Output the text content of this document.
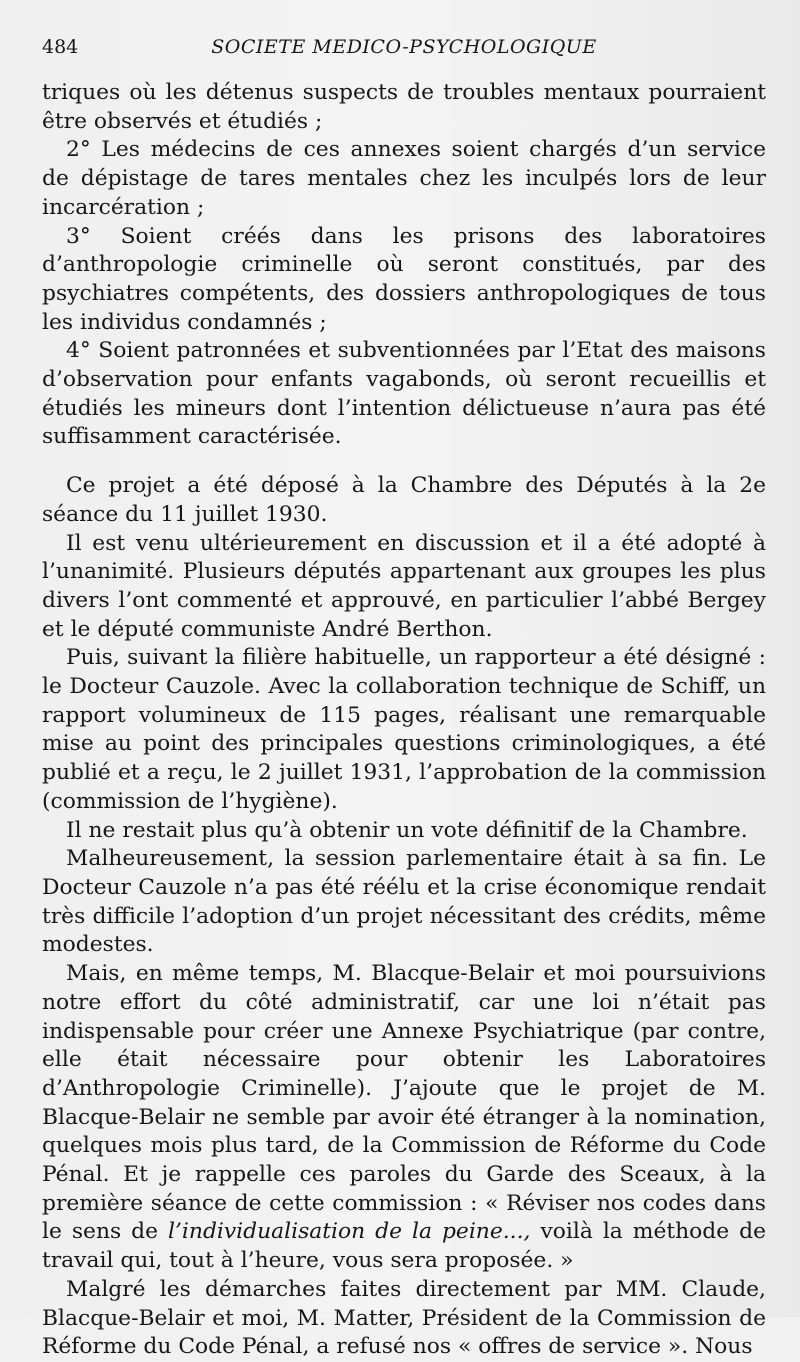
484	SOCIETE MEDICO-PSYCHOLOGIQUE

triques où les détenus suspects de troubles mentaux pourraient être observés et étudiés ;

2° Les médecins de ces annexes soient chargés d’un service de dépistage de tares mentales chez les inculpés lors de leur incarcération ;

3° Soient créés dans les prisons des laboratoires d’anthropologie criminelle où seront constitués, par des psychiatres compétents, des dossiers anthropologiques de tous les individus condamnés ;

4° Soient patronnées et subventionnées par l’Etat des maisons d’observation pour enfants vagabonds, où seront recueillis et étudiés les mineurs dont l’intention délictueuse n’aura pas été suffisamment caractérisée.

Ce projet a été déposé à la Chambre des Députés à la 2e séance du 11 juillet 1930.

Il est venu ultérieurement en discussion et il a été adopté à l’unanimité. Plusieurs députés appartenant aux groupes les plus divers l’ont commenté et approuvé, en particulier l’abbé Bergey et le député communiste André Berthon.

Puis, suivant la filière habituelle, un rapporteur a été désigné : le Docteur Cauzole. Avec la collaboration technique de Schiff, un rapport volumineux de 115 pages, réalisant une remarquable mise au point des principales questions criminologiques, a été publié et a reçu, le 2 juillet 1931, l’approbation de la commission (commission de l’hygiène).

Il ne restait plus qu’à obtenir un vote définitif de la Chambre.

Malheureusement, la session parlementaire était à sa fin. Le Docteur Cauzole n’a pas été réélu et la crise économique rendait très difficile l’adoption d’un projet nécessitant des crédits, même modestes.

Mais, en même temps, M. Blacque-Belair et moi poursuivions notre effort du côté administratif, car une loi n’était pas indispensable pour créer une Annexe Psychiatrique (par contre, elle était nécessaire pour obtenir les Laboratoires d’Anthropologie Criminelle). J’ajoute que le projet de M. Blacque-Belair ne semble par avoir été étranger à la nomination, quelques mois plus tard, de la Commission de Réforme du Code Pénal. Et je rappelle ces paroles du Garde des Sceaux, à la première séance de cette commission : « Réviser nos codes dans le sens de l’individualisation de la peine..., voilà la méthode de travail qui, tout à l’heure, vous sera proposée. »

Malgré les démarches faites directement par MM. Claude, Blacque-Belair et moi, M. Matter, Président de la Commission de Réforme du Code Pénal, a refusé nos « offres de service ». Nous
